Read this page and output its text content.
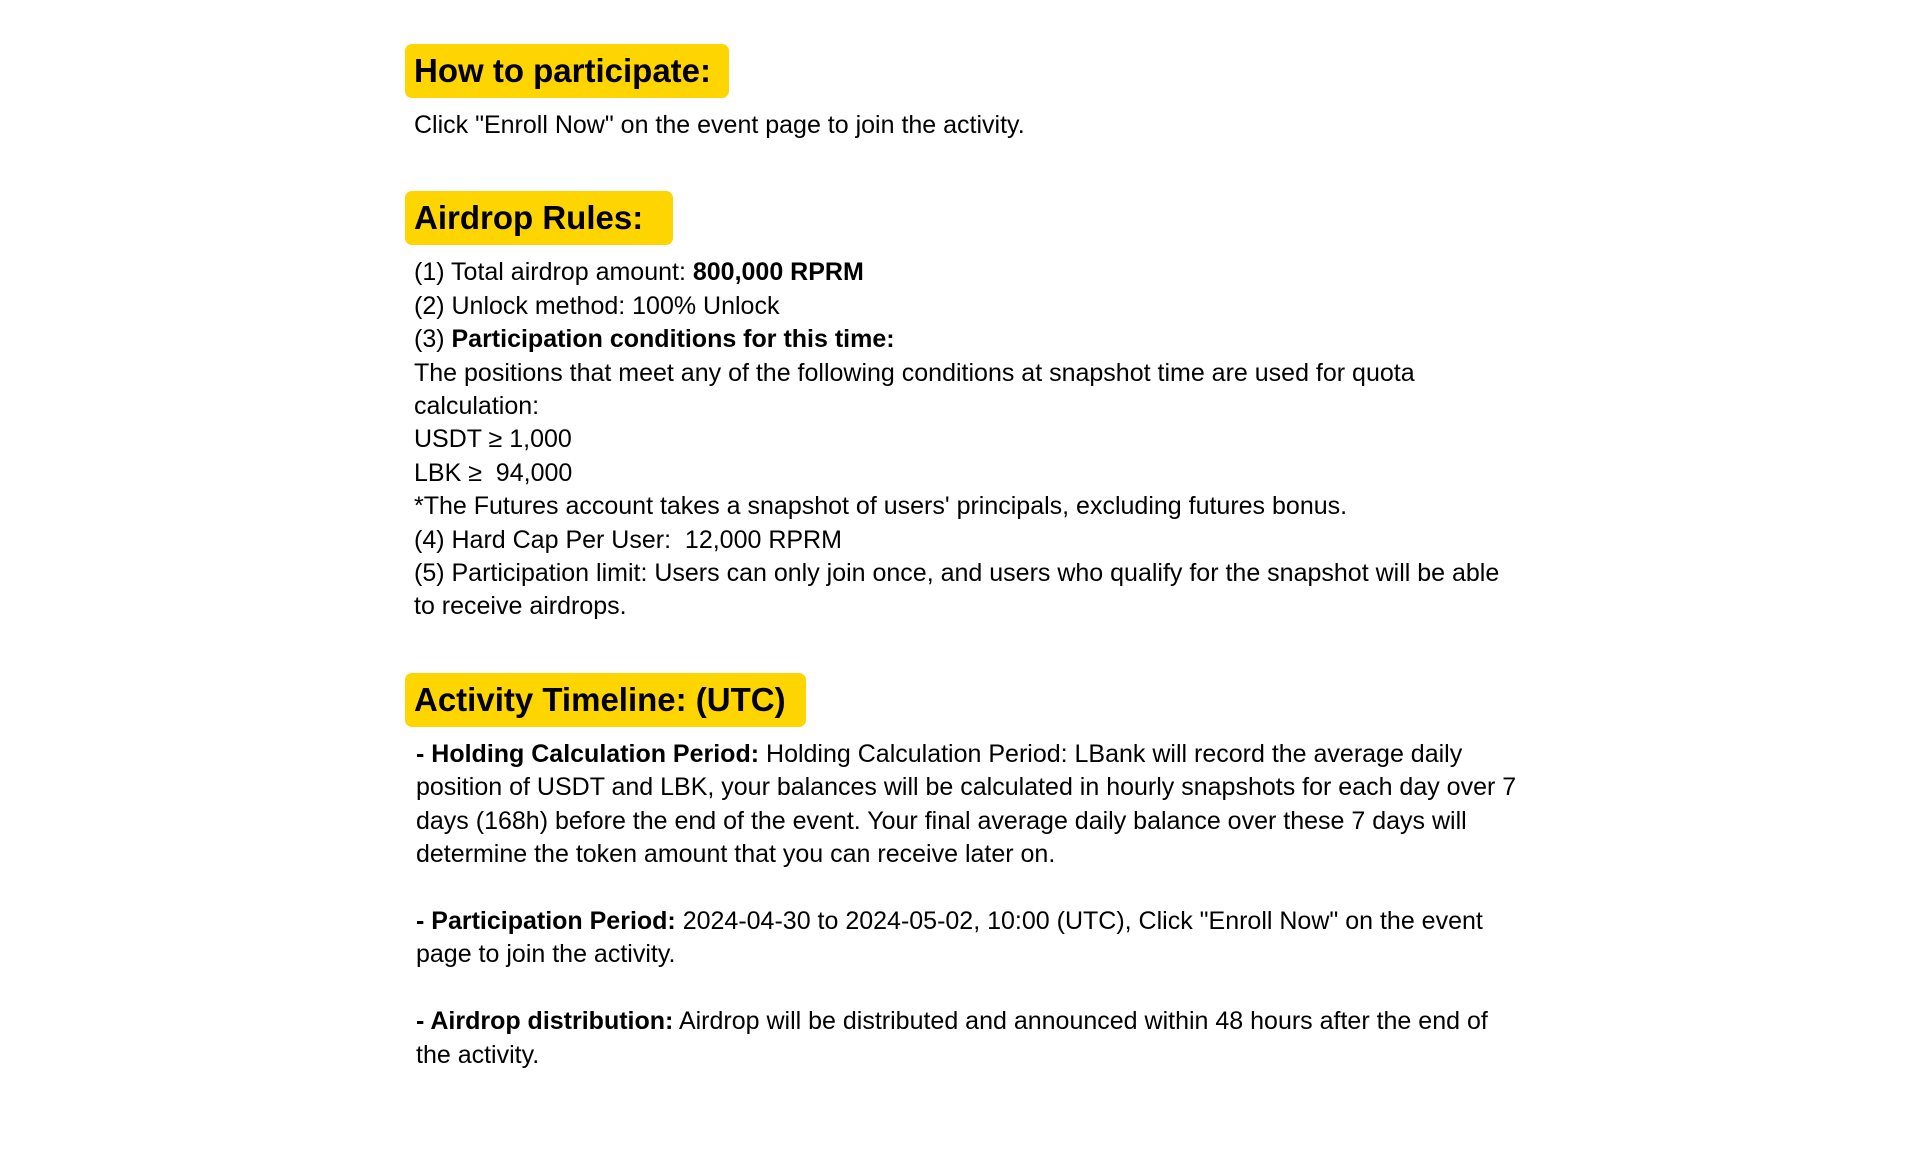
How to participate:

Click "Enroll Now" on the event page to join the activity.

Airdrop Rules:

(1) Total airdrop amount: 800,000 RPRM

(2) Unlock method: 100% Unlock

(3) Participation conditions for this time:

The positions that meet any of the following conditions at snapshot time are used for quota calculation:

USDT ≥ 1,000

LBK ≥  94,000

*The Futures account takes a snapshot of users' principals, excluding futures bonus.

(4) Hard Cap Per User:  12,000 RPRM

(5) Participation limit: Users can only join once, and users who qualify for the snapshot will be able to receive airdrops.

Activity Timeline: (UTC)

- Holding Calculation Period: Holding Calculation Period: LBank will record the average daily position of USDT and LBK, your balances will be calculated in hourly snapshots for each day over 7 days (168h) before the end of the event. Your final average daily balance over these 7 days will determine the token amount that you can receive later on.

- Participation Period: 2024-04-30 to 2024-05-02, 10:00 (UTC), Click "Enroll Now" on the event page to join the activity.

- Airdrop distribution: Airdrop will be distributed and announced within 48 hours after the end of the activity.
